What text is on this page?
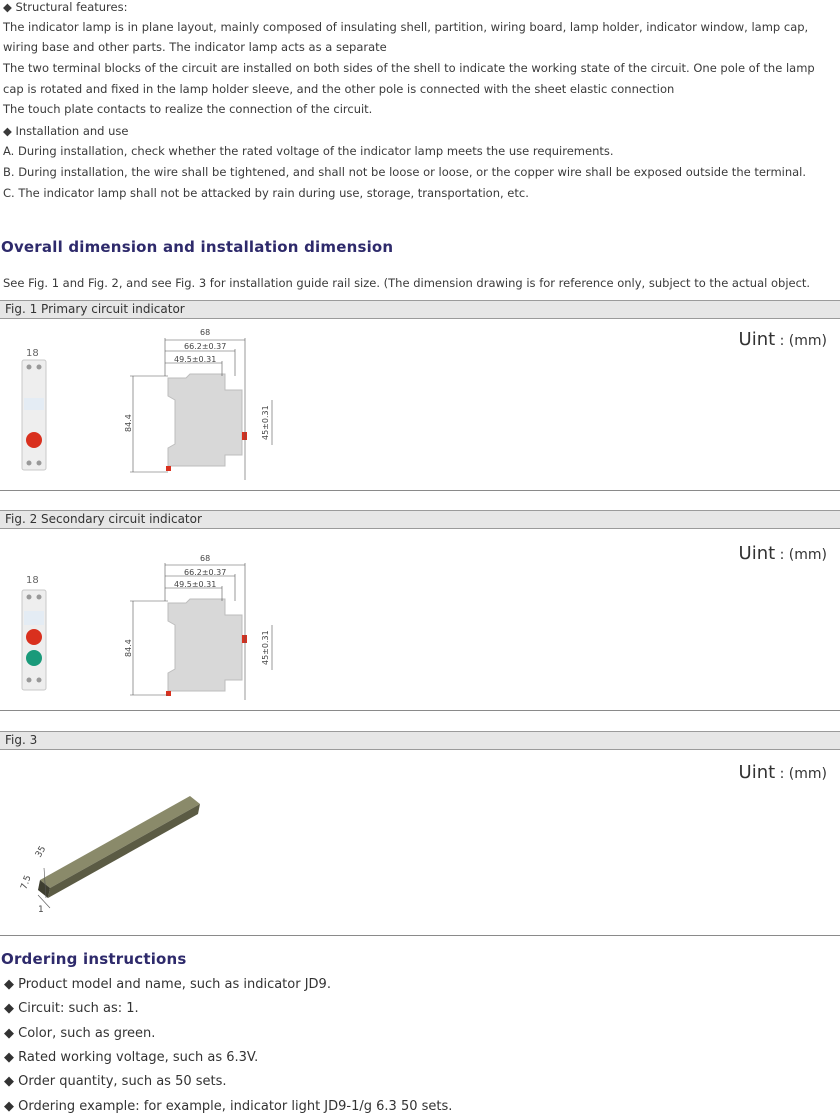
◆ Structural features:
The indicator lamp is in plane layout, mainly composed of insulating shell, partition, wiring board, lamp holder, indicator window, lamp cap,
wiring base and other parts. The indicator lamp acts as a separate
The two terminal blocks of the circuit are installed on both sides of the shell to indicate the working state of the circuit. One pole of the lamp
cap is rotated and fixed in the lamp holder sleeve, and the other pole is connected with the sheet elastic connection
The touch plate contacts to realize the connection of the circuit.
◆ Installation and use
A. During installation, check whether the rated voltage of the indicator lamp meets the use requirements.
B. During installation, the wire shall be tightened, and shall not be loose or loose, or the copper wire shall be exposed outside the terminal.
C. The indicator lamp shall not be attacked by rain during use, storage, transportation, etc.
Overall dimension and installation dimension
See Fig. 1 and Fig. 2, and see Fig. 3 for installation guide rail size. (The dimension drawing is for reference only, subject to the actual object.
Fig. 1 Primary circuit indicator
Uint : (mm)
18
68
66.2±0.37
49.5±0.31
84.4	45±0.31
Fig. 2 Secondary circuit indicator
Uint : (mm)
18
68
66.2±0.37
49.5±0.31
84.4	45±0.31
Fig. 3
Uint : (mm)
7.5
35
1
Ordering instructions
◆ Product model and name, such as indicator JD9.
◆ Circuit: such as: 1.
◆ Color, such as green.
◆ Rated working voltage, such as 6.3V.
◆ Order quantity, such as 50 sets.
◆ Ordering example: for example, indicator light JD9-1/g 6.3 50 sets.
